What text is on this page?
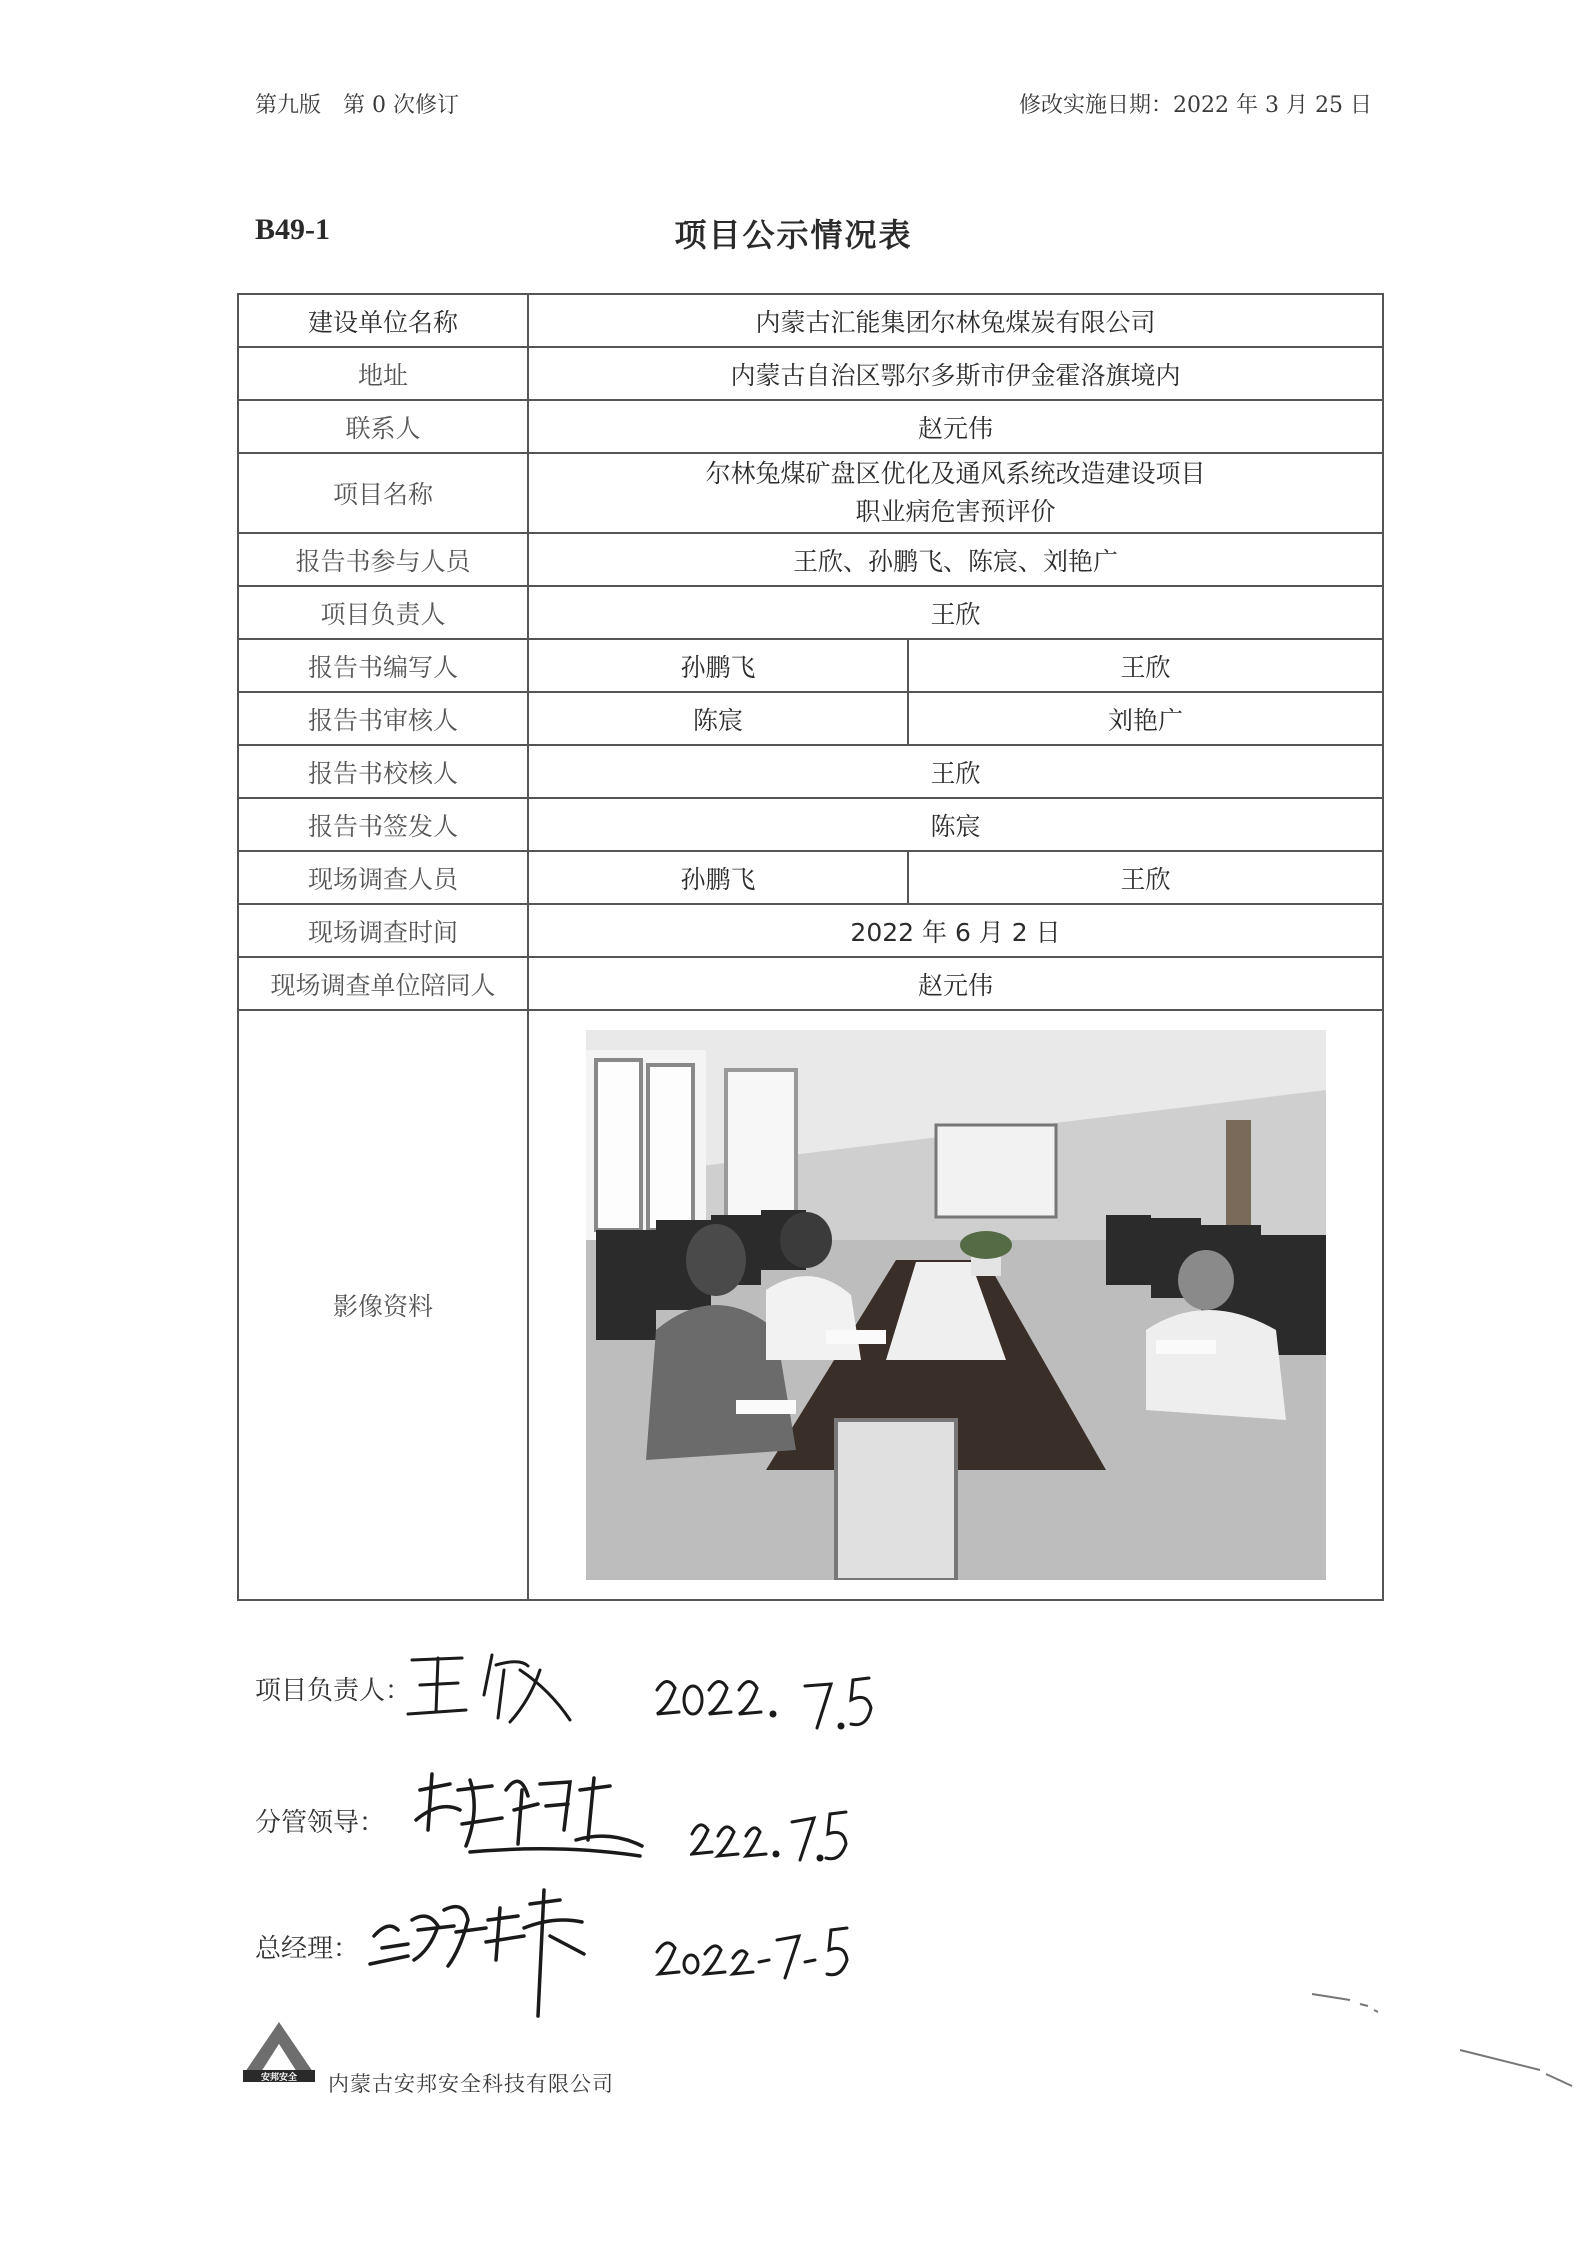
第九版　第 0 次修订	修改实施日期：2022 年 3 月 25 日
B49-1	项目公示情况表
建设单位名称	内蒙古汇能集团尔林兔煤炭有限公司	
地址	内蒙古自治区鄂尔多斯市伊金霍洛旗境内	
联系人	赵元伟	
项目名称	尔林兔煤矿盘区优化及通风系统改造建设项目
职业病危害预评价	

报告书参与人员	王欣、孙鹏飞、陈宸、刘艳广	
项目负责人	王欣	
报告书编写人	孙鹏飞	王欣
报告书审核人	陈宸	刘艳广
报告书校核人	王欣	
报告书签发人	陈宸	
现场调查人员	孙鹏飞	王欣
现场调查时间	2022 年 6 月 2 日	
现场调查单位陪同人	赵元伟	
影像资料	
项目负责人：
分管领导：
总经理：
安邦安全 内蒙古安邦安全科技有限公司
